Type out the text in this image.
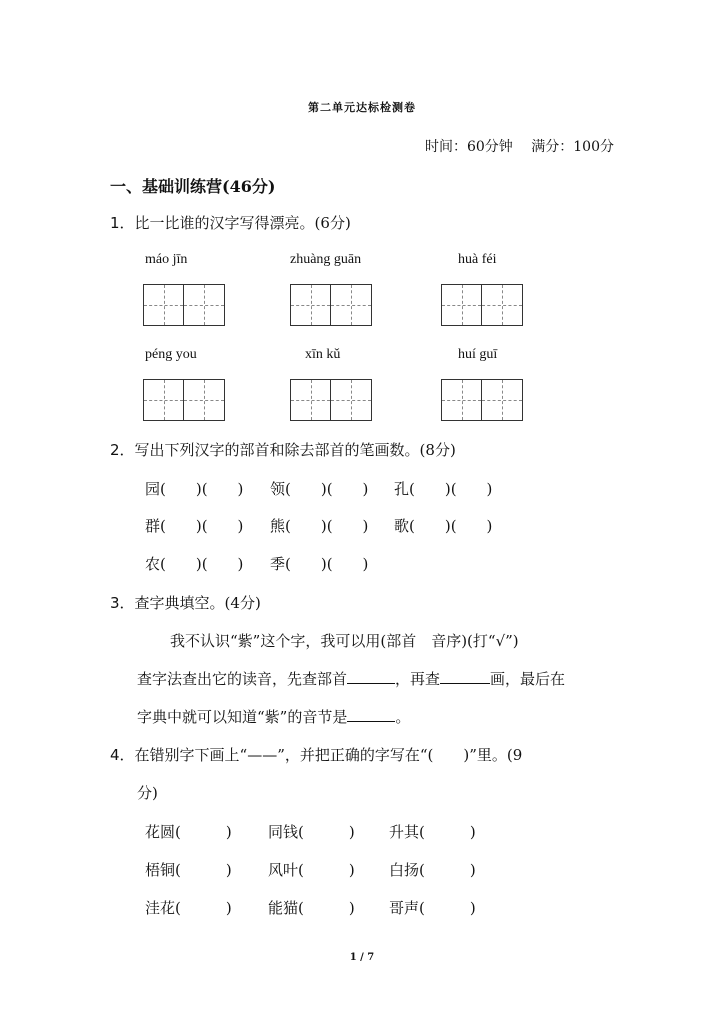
第二单元达标检测卷
时间：60分钟 满分：100分
一、基础训练营(46分)
1．比一比谁的汉字写得漂亮。(6分)
máo jīn	zhuàng guān	huà féi
péng you	xīn kǔ	huí guī
2．写出下列汉字的部首和除去部首的笔画数。(8分)
园(　　)(　　) 领(　　)(　　) 孔(　　)(　　)
群(　　)(　　) 熊(　　)(　　) 歌(　　)(　　)
农(　　)(　　) 季(　　)(　　)
3．查字典填空。(4分)
我不认识“紫”这个字，我可以用(部首　音序)(打“√”)
查字法查出它的读音，先查部首	，再查	画，最后在
字典中就可以知道“紫”的音节是	。
4．在错别字下画上“——”，并把正确的字写在“(　　)”里。(9
分)
花圆(　　　) 同钱(　　　) 升其(　　　)
梧铜(　　　) 风叶(　　　) 白扬(　　　)
洼花(　　　) 能猫(　　　) 哥声(　　　)
1 / 7
